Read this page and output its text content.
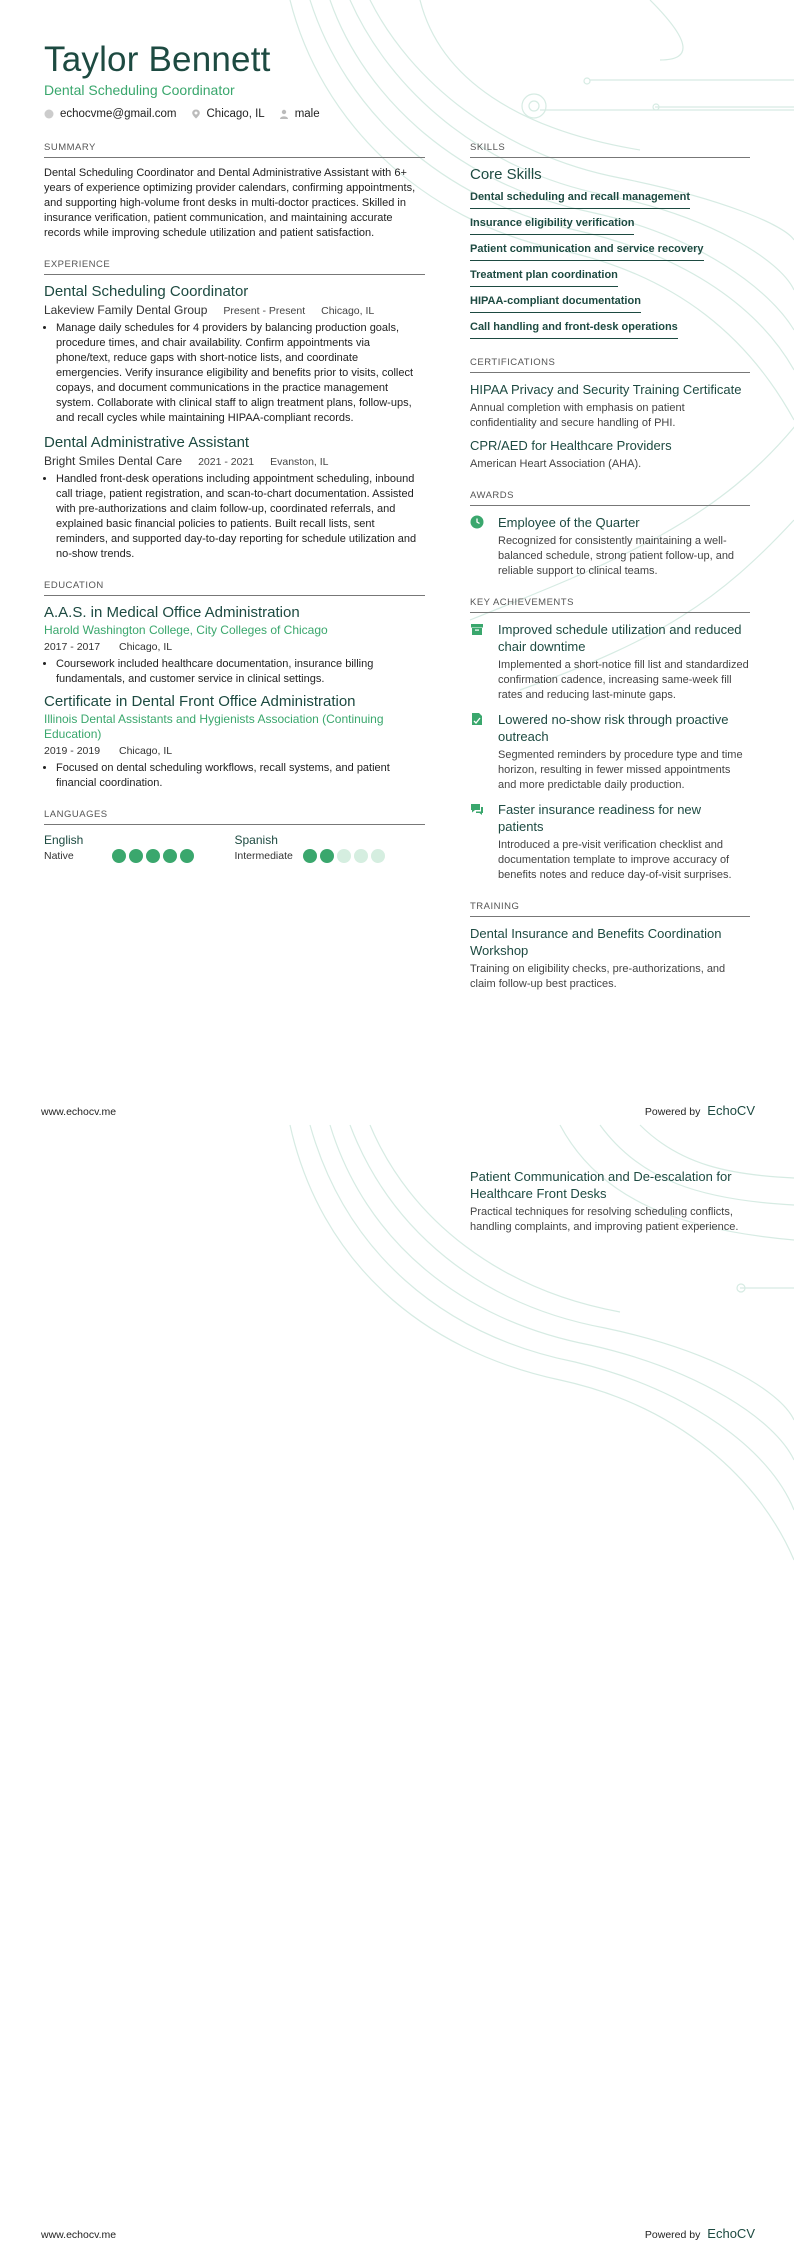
Taylor Bennett
Dental Scheduling Coordinator
echocvme@gmail.com	Chicago, IL	male
SUMMARY
Dental Scheduling Coordinator and Dental Administrative Assistant with 6+ years of experience optimizing provider calendars, confirming appointments, and supporting high-volume front desks in multi-doctor practices. Skilled in insurance verification, patient communication, and maintaining accurate records while improving schedule utilization and patient satisfaction.
EXPERIENCE
Dental Scheduling Coordinator
Lakeview Family Dental Group Present - Present Chicago, IL
• Manage daily schedules for 4 providers by balancing production goals, procedure times, and chair availability. Confirm appointments via phone/text, reduce gaps with short-notice lists, and coordinate emergencies. Verify insurance eligibility and benefits prior to visits, collect copays, and document communications in the practice management system. Collaborate with clinical staff to align treatment plans, follow-ups, and recall cycles while maintaining HIPAA-compliant records.
Dental Administrative Assistant
Bright Smiles Dental Care 2021 - 2021 Evanston, IL
• Handled front-desk operations including appointment scheduling, inbound call triage, patient registration, and scan-to-chart documentation. Assisted with pre-authorizations and claim follow-up, coordinated referrals, and explained basic financial policies to patients. Built recall lists, sent reminders, and supported day-to-day reporting for schedule utilization and no-show trends.
EDUCATION
A.A.S. in Medical Office Administration
Harold Washington College, City Colleges of Chicago
2017 - 2017 Chicago, IL
• Coursework included healthcare documentation, insurance billing fundamentals, and customer service in clinical settings.
Certificate in Dental Front Office Administration
Illinois Dental Assistants and Hygienists Association (Continuing Education)
2019 - 2019 Chicago, IL
• Focused on dental scheduling workflows, recall systems, and patient financial coordination.
LANGUAGES
English
Native
Spanish
Intermediate
SKILLS
Core Skills
Dental scheduling and recall management
Insurance eligibility verification
Patient communication and service recovery
Treatment plan coordination
HIPAA-compliant documentation
Call handling and front-desk operations
CERTIFICATIONS
HIPAA Privacy and Security Training Certificate
Annual completion with emphasis on patient confidentiality and secure handling of PHI.
CPR/AED for Healthcare Providers
American Heart Association (AHA).
AWARDS
Employee of the Quarter
Recognized for consistently maintaining a well-balanced schedule, strong patient follow-up, and reliable support to clinical teams.
KEY ACHIEVEMENTS
Improved schedule utilization and reduced chair downtime
Implemented a short-notice fill list and standardized confirmation cadence, increasing same-week fill rates and reducing last-minute gaps.
Lowered no-show risk through proactive outreach
Segmented reminders by procedure type and time horizon, resulting in fewer missed appointments and more predictable daily production.
Faster insurance readiness for new patients
Introduced a pre-visit verification checklist and documentation template to improve accuracy of benefits notes and reduce day-of-visit surprises.
TRAINING
Dental Insurance and Benefits Coordination Workshop
Training on eligibility checks, pre-authorizations, and claim follow-up best practices.
www.echocv.me	Powered by EchoCV
Patient Communication and De-escalation for Healthcare Front Desks
Practical techniques for resolving scheduling conflicts, handling complaints, and improving patient experience.
www.echocv.me	Powered by EchoCV
